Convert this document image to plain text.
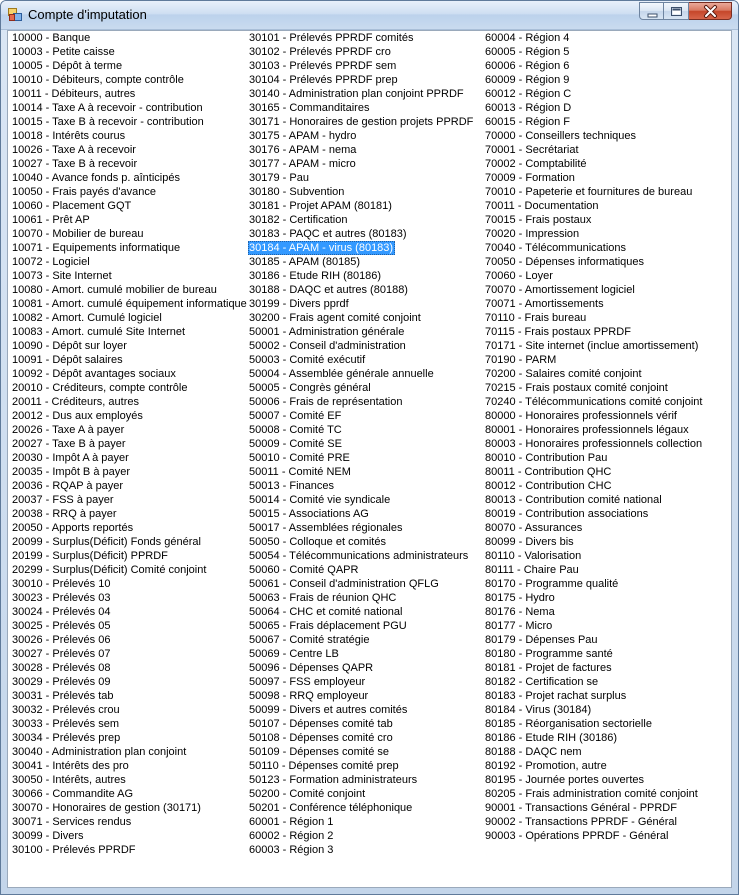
Compte d'imputation
10000 - Banque
10003 - Petite caisse
10005 - Dépôt à terme
10010 - Débiteurs, compte contrôle
10011 - Débiteurs, autres
10014 - Taxe A à recevoir - contribution
10015 - Taxe B à recevoir - contribution
10018 - Intérêts courus
10026 - Taxe A à recevoir
10027 - Taxe B à recevoir
10040 - Avance fonds p. aînticipés
10050 - Frais payés d'avance
10060 - Placement GQT
10061 - Prêt AP
10070 - Mobilier de bureau
10071 - Equipements informatique
10072 - Logiciel
10073 - Site Internet
10080 - Amort. cumulé mobilier de bureau
10081 - Amort. cumulé équipement informatique
10082 - Amort. Cumulé logiciel
10083 - Amort. cumulé Site Internet
10090 - Dépôt sur loyer
10091 - Dépôt salaires
10092 - Dépôt avantages sociaux
20010 - Créditeurs, compte contrôle
20011 - Créditeurs, autres
20012 - Dus aux employés
20026 - Taxe A à payer
20027 - Taxe B à payer
20030 - Impôt A à payer
20035 - Impôt B à payer
20036 - RQAP à payer
20037 - FSS à payer
20038 - RRQ à payer
20050 - Apports reportés
20099 - Surplus(Déficit) Fonds général
20199 - Surplus(Déficit) PPRDF
20299 - Surplus(Déficit) Comité conjoint
30010 - Prélevés 10
30023 - Prélevés 03
30024 - Prélevés 04
30025 - Prélevés 05
30026 - Prélevés 06
30027 - Prélevés 07
30028 - Prélevés 08
30029 - Prélevés 09
30031 - Prélevés tab
30032 - Prélevés crou
30033 - Prélevés sem
30034 - Prélevés prep
30040 - Administration plan conjoint
30041 - Intérêts des pro
30050 - Intérêts, autres
30066 - Commandite AG
30070 - Honoraires de gestion (30171)
30071 - Services rendus
30099 - Divers
30100 - Prélevés PPRDF
30101 - Prélevés PPRDF comités
30102 - Prélevés PPRDF cro
30103 - Prélevés PPRDF sem
30104 - Prélevés PPRDF prep
30140 - Administration plan conjoint PPRDF
30165 - Commanditaires
30171 - Honoraires de gestion projets PPRDF
30175 - APAM - hydro
30176 - APAM - nema
30177 - APAM - micro
30179 - Pau
30180 - Subvention
30181 - Projet APAM (80181)
30182 - Certification
30183 - PAQC et autres (80183)
30184 - APAM - virus (80183)
30185 - APAM (80185)
30186 - Etude RIH (80186)
30188 - DAQC et autres (80188)
30199 - Divers pprdf
30200 - Frais agent comité conjoint
50001 - Administration générale
50002 - Conseil d'administration
50003 - Comité exécutif
50004 - Assemblée générale annuelle
50005 - Congrès général
50006 - Frais de représentation
50007 - Comité EF
50008 - Comité TC
50009 - Comité SE
50010 - Comité PRE
50011 - Comité NEM
50013 - Finances
50014 - Comité vie syndicale
50015 - Associations AG
50017 - Assemblées régionales
50050 - Colloque et comités
50054 - Télécommunications administrateurs
50060 - Comité QAPR
50061 - Conseil d'administration QFLG
50063 - Frais de réunion QHC
50064 - CHC et comité national
50065 - Frais déplacement PGU
50067 - Comité stratégie
50069 - Centre LB
50096 - Dépenses QAPR
50097 - FSS employeur
50098 - RRQ employeur
50099 - Divers et autres comités
50107 - Dépenses comité tab
50108 - Dépenses comité cro
50109 - Dépenses comité se
50110 - Dépenses comité prep
50123 - Formation administrateurs
50200 - Comité conjoint
50201 - Conférence téléphonique
60001 - Région 1
60002 - Région 2
60003 - Région 3
60004 - Région 4
60005 - Région 5
60006 - Région 6
60009 - Région 9
60012 - Région C
60013 - Région D
60015 - Région F
70000 - Conseillers techniques
70001 - Secrétariat
70002 - Comptabilité
70009 - Formation
70010 - Papeterie et fournitures de bureau
70011 - Documentation
70015 - Frais postaux
70020 - Impression
70040 - Télécommunications
70050 - Dépenses informatiques
70060 - Loyer
70070 - Amortissement logiciel
70071 - Amortissements
70110 - Frais bureau
70115 - Frais postaux PPRDF
70171 - Site internet (inclue amortissement)
70190 - PARM
70200 - Salaires comité conjoint
70215 - Frais postaux comité conjoint
70240 - Télécommunications comité conjoint
80000 - Honoraires professionnels vérif
80001 - Honoraires professionnels légaux
80003 - Honoraires professionnels collection
80010 - Contribution Pau
80011 - Contribution QHC
80012 - Contribution CHC
80013 - Contribution comité national
80019 - Contribution associations
80070 - Assurances
80099 - Divers bis
80110 - Valorisation
80111 - Chaire Pau
80170 - Programme qualité
80175 - Hydro
80176 - Nema
80177 - Micro
80179 - Dépenses Pau
80180 - Programme santé
80181 - Projet de factures
80182 - Certification se
80183 - Projet rachat surplus
80184 - Virus (30184)
80185 - Réorganisation sectorielle
80186 - Etude RIH (30186)
80188 - DAQC nem
80192 - Promotion, autre
80195 - Journée portes ouvertes
80205 - Frais administration comité conjoint
90001 - Transactions Général - PPRDF
90002 - Transactions PPRDF - Général
90003 - Opérations PPRDF - Général
